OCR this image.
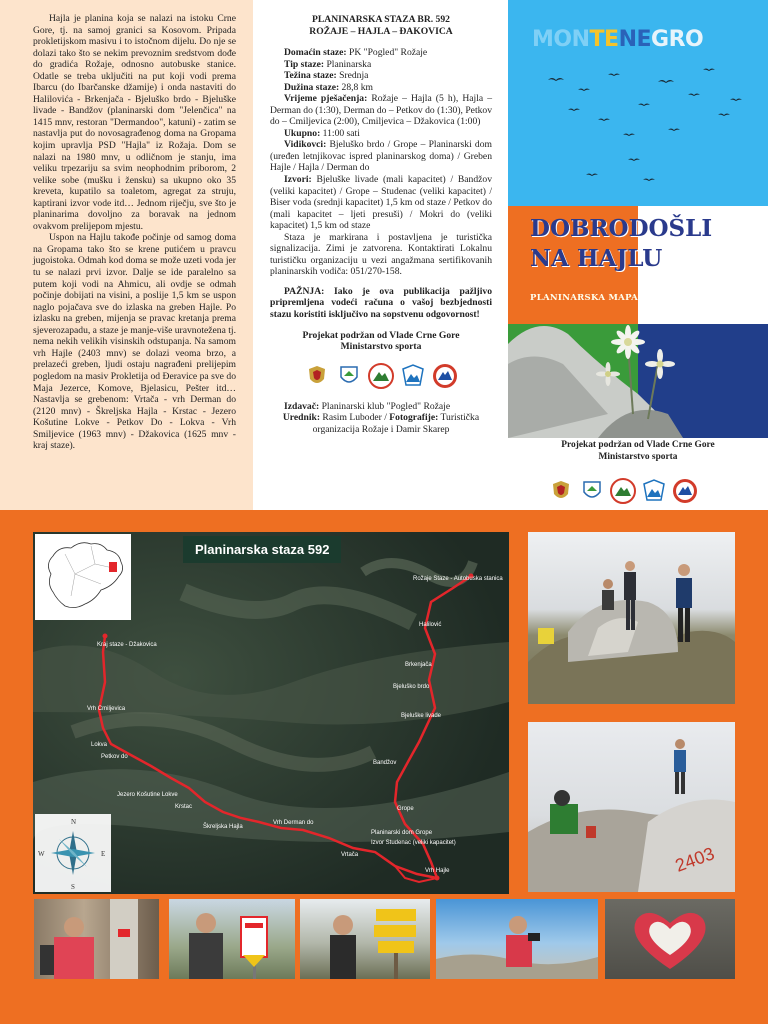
Hajla je planina koja se nalazi na istoku Crne Gore, tj. na samoj granici sa Kosovom. Pripada prokletijskom masivu i to istočnom dijelu. Do nje se dolazi tako što se nekim prevoznim sredstvom dođe do gradića Rožaje, odnosno autobuske stanice. Odatle se treba uključiti na put koji vodi prema Ibarcu (do Ibarčanske džamije) i onda nastaviti do Halilovića - Brkenjača - Bjeluško brdo - Bjeluške livade - Bandžov (planinarski dom "Jelenčica" na 1415 mnv, restoran "Dermandoo", katuni) - zatim se nastavlja put do novosagrađenog doma na Gropama kojim upravlja PSD "Hajla" iz Rožaja. Dom se nalazi na 1980 mnv, u odličnom je stanju, ima veliku trpezariju sa svim neophodnim priborom, 2 velike sobe (mušku i žensku) sa ukupno oko 35 kreveta, kupatilo sa toaletom, agregat za struju, kaptirani izvor vode itd… Jednom riječju, sve što je planinarima dovoljno za boravak na jednom ovakvom prelijepom mjestu.

Uspon na Hajlu takođe počinje od samog doma na Gropama tako što se krene putićem u pravcu jugoistoka. Odmah kod doma se može uzeti voda jer tu se nalazi prvi izvor. Dalje se ide paralelno sa putem koji vodi na Ahmicu, ali ovdje se odmah počinje dobijati na visini, a poslije 1,5 km se uspon naglo pojačava sve do izlaska na greben Hajle. Po izlasku na greben, mijenja se pravac kretanja prema sjeverozapadu, a staze je manje-više uravnotežena tj. nema nekih velikih visinskih odstupanja. Na samom vrh Hajle (2403 mnv) se dolazi veoma brzo, a prelazeći greben, ljudi ostaju nagrađeni prelijepim pogledom na masiv Prokletija od Đeravice pa sve do Maja Jezerce, Komove, Bjelasicu, Pešter itd… Nastavlja se grebenom: Vrtača - vrh Derman do (2120 mnv) - Škreljska Hajla - Krstac - Jezero Košutine Lokve - Petkov Do - Lokva - Vrh Smiljevice (1963 mnv) - Džakovica (1625 mnv - kraj staze).

PLANINARSKA STAZA BR. 592
ROŽAJE – HAJLA – ĐAKOVICA

Domaćin staze: PK "Pogled" Rožaje

Tip staze: Planinarska

Težina staze: Srednja

Dužina staze: 28,8 km

Vrijeme pješačenja: Rožaje – Hajla (5 h), Hajla – Derman do (1:30), Derman do – Petkov do (1:30), Petkov do – Cmiljevica (2:00), Cmiljevica – Džakovica (1:00)

Ukupno: 11:00 sati

Vidikovci: Bjeluško brdo / Gropе – Planinarski dom (uređen letnjikovac ispred planinarskog doma) / Greben Hajle / Hajla / Derman do

Izvori: Bjeluške livade (mali kapacitet) / Bandžov (veliki kapacitet) / Grope – Studenac (veliki kapacitet) / Biser voda (srednji kapacitet) 1,5 km od staze / Petkov do (mali kapacitet – ljeti presuši) / Mokri do (veliki kapacitet) 1,5 km od staze

Staza je markirana i postavljena je turistička signalizacija. Zimi je zatvorena. Kontaktirati Lokalnu turističku organizaciju u vezi angažmana sertifikovanih planinarskih vodiča: 051/270-158.

PAŽNJA: Iako je ova publikacija pažljivo pripremljena vodeći računa o vašoj bezbjednosti stazu koristiti isključivo na sopstvenu odgovornost!

Projekat podržan od Vlade Crne Gore
Ministarstvo sporta

Izdavač: Planinarski klub "Pogled" Rožaje

Urednik: Rasim Luboder / Fotografije: Turistička organizacija Rožaje i Damir Skarep

MONTENEGRO
DOBRODOŠLI
NA HAJLU
PLANINARSKA MAPA
Projekat podržan od Vlade Crne Gore
Ministarstvo sporta
Planinarska staza 592
Rožaje Staze - Autobuska stanica
Halilović
Brkenjača
Bjeluško brdo
Bjeluške livade
Bandžov
Grope
Planinarski dom Grope
Izvor Studenac (veliki kapacitet)
Vrh Hajle
Vrtača
Vrh Derman do
Škreljska Hajla
Krstac
Jezero Košutine Lokve
Petkov do
Lokva
Vrh Cmiljevica
Kraj staze - Džakovica
N
S
E
W	2403
